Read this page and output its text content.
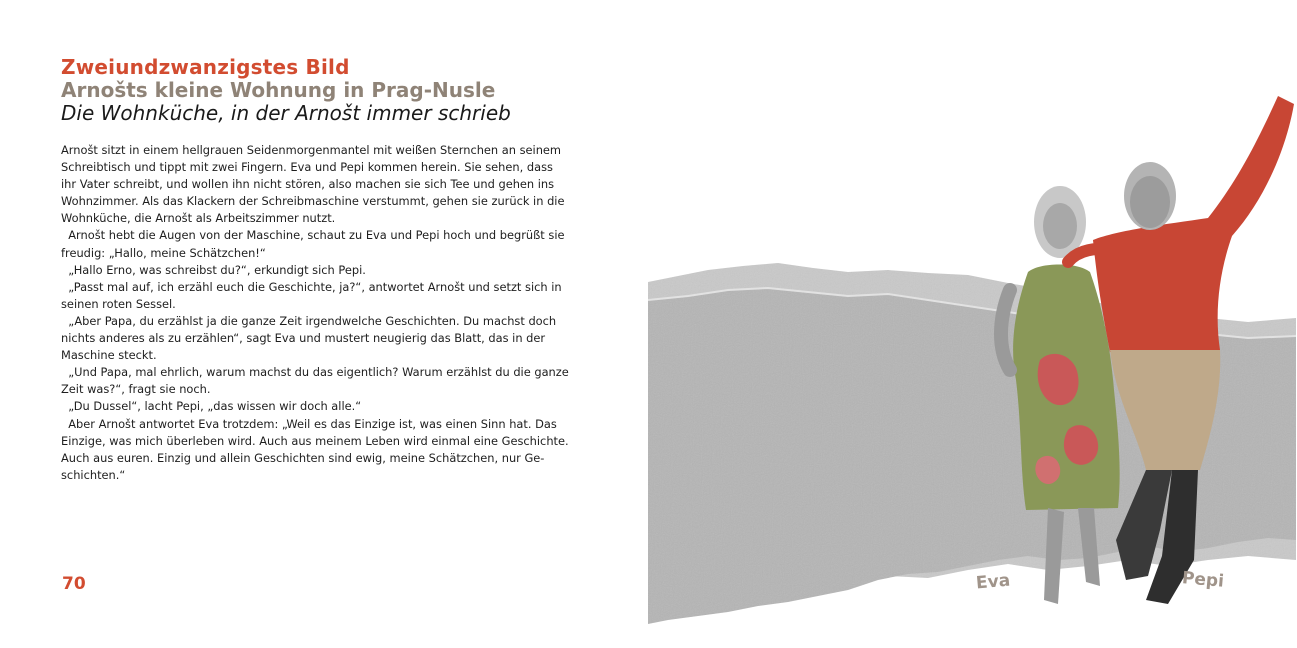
Zweiundzwanzigstes Bild
Arnošts kleine Wohnung in Prag-Nusle
Die Wohnküche, in der Arnošt immer schrieb

Arnošt sitzt in einem hellgrauen Seidenmorgenmantel mit weißen Sternchen an seinem

Schreibtisch und tippt mit zwei Fingern. Eva und Pepi kommen herein. Sie sehen, dass

ihr Vater schreibt, und wollen ihn nicht stören, also machen sie sich Tee und gehen ins

Wohnzimmer. Als das Klackern der Schreibmaschine verstummt, gehen sie zurück in die

Wohnküche, die Arnošt als Arbeitszimmer nutzt.

Arnošt hebt die Augen von der Maschine, schaut zu Eva und Pepi hoch und begrüßt sie

freudig: „Hallo, meine Schätzchen!“

„Hallo Erno, was schreibst du?“, erkundigt sich Pepi.

„Passt mal auf, ich erzähl euch die Geschichte, ja?“, antwortet Arnošt und setzt sich in

seinen roten Sessel.

„Aber Papa, du erzählst ja die ganze Zeit irgendwelche Geschichten. Du machst doch

nichts anderes als zu erzählen“, sagt Eva und mustert neugierig das Blatt, das in der

Maschine steckt.

„Und Papa, mal ehrlich, warum machst du das eigentlich? Warum erzählst du die ganze

Zeit was?“, fragt sie noch.

„Du Dussel“, lacht Pepi, „das wissen wir doch alle.“

Aber Arnošt antwortet Eva trotzdem: „Weil es das Einzige ist, was einen Sinn hat. Das

Einzige, was mich überleben wird. Auch aus meinem Leben wird einmal eine Geschichte.

Auch aus euren. Einzig und allein Geschichten sind ewig, meine Schätzchen, nur Ge-

schichten.“

70	Eva	Pepi
